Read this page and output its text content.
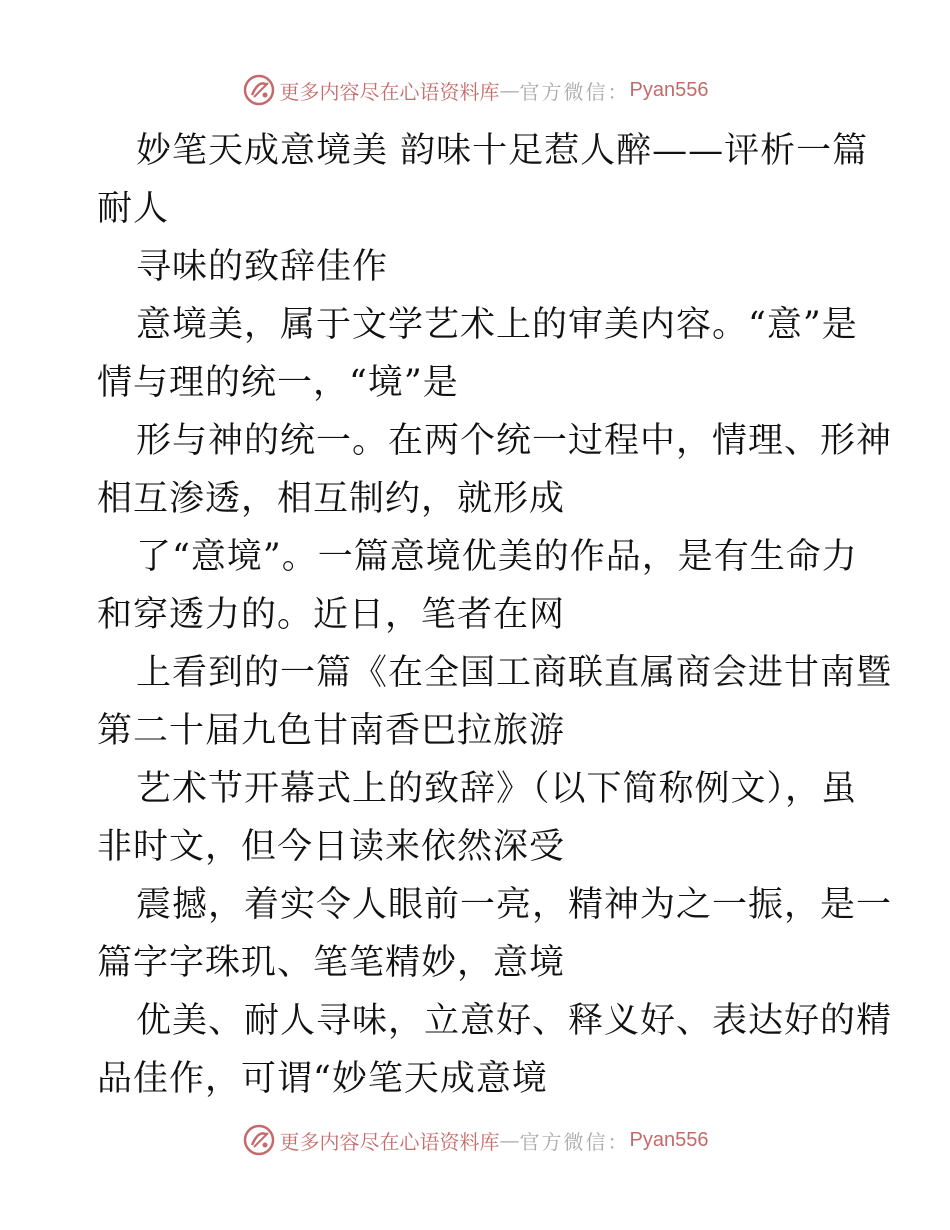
更多内容尽在心语资料库 — 官方微信： Pyan556
妙笔天成意境美 韵味十足惹人醉——评析一篇
耐人
寻味的致辞佳作
意境美，属于文学艺术上的审美内容。“意”是
情与理的统一，“境”是
形与神的统一。在两个统一过程中，情理、形神
相互渗透，相互制约，就形成
了“意境”。一篇意境优美的作品，是有生命力
和穿透力的。近日，笔者在网
上看到的一篇《在全国工商联直属商会进甘南暨
第二十届九色甘南香巴拉旅游
艺术节开幕式上的致辞》（以下简称例文），虽
非时文，但今日读来依然深受
震撼，着实令人眼前一亮，精神为之一振，是一
篇字字珠玑、笔笔精妙，意境
优美、耐人寻味，立意好、释义好、表达好的精
品佳作，可谓“妙笔天成意境
更多内容尽在心语资料库 — 官方微信： Pyan556
